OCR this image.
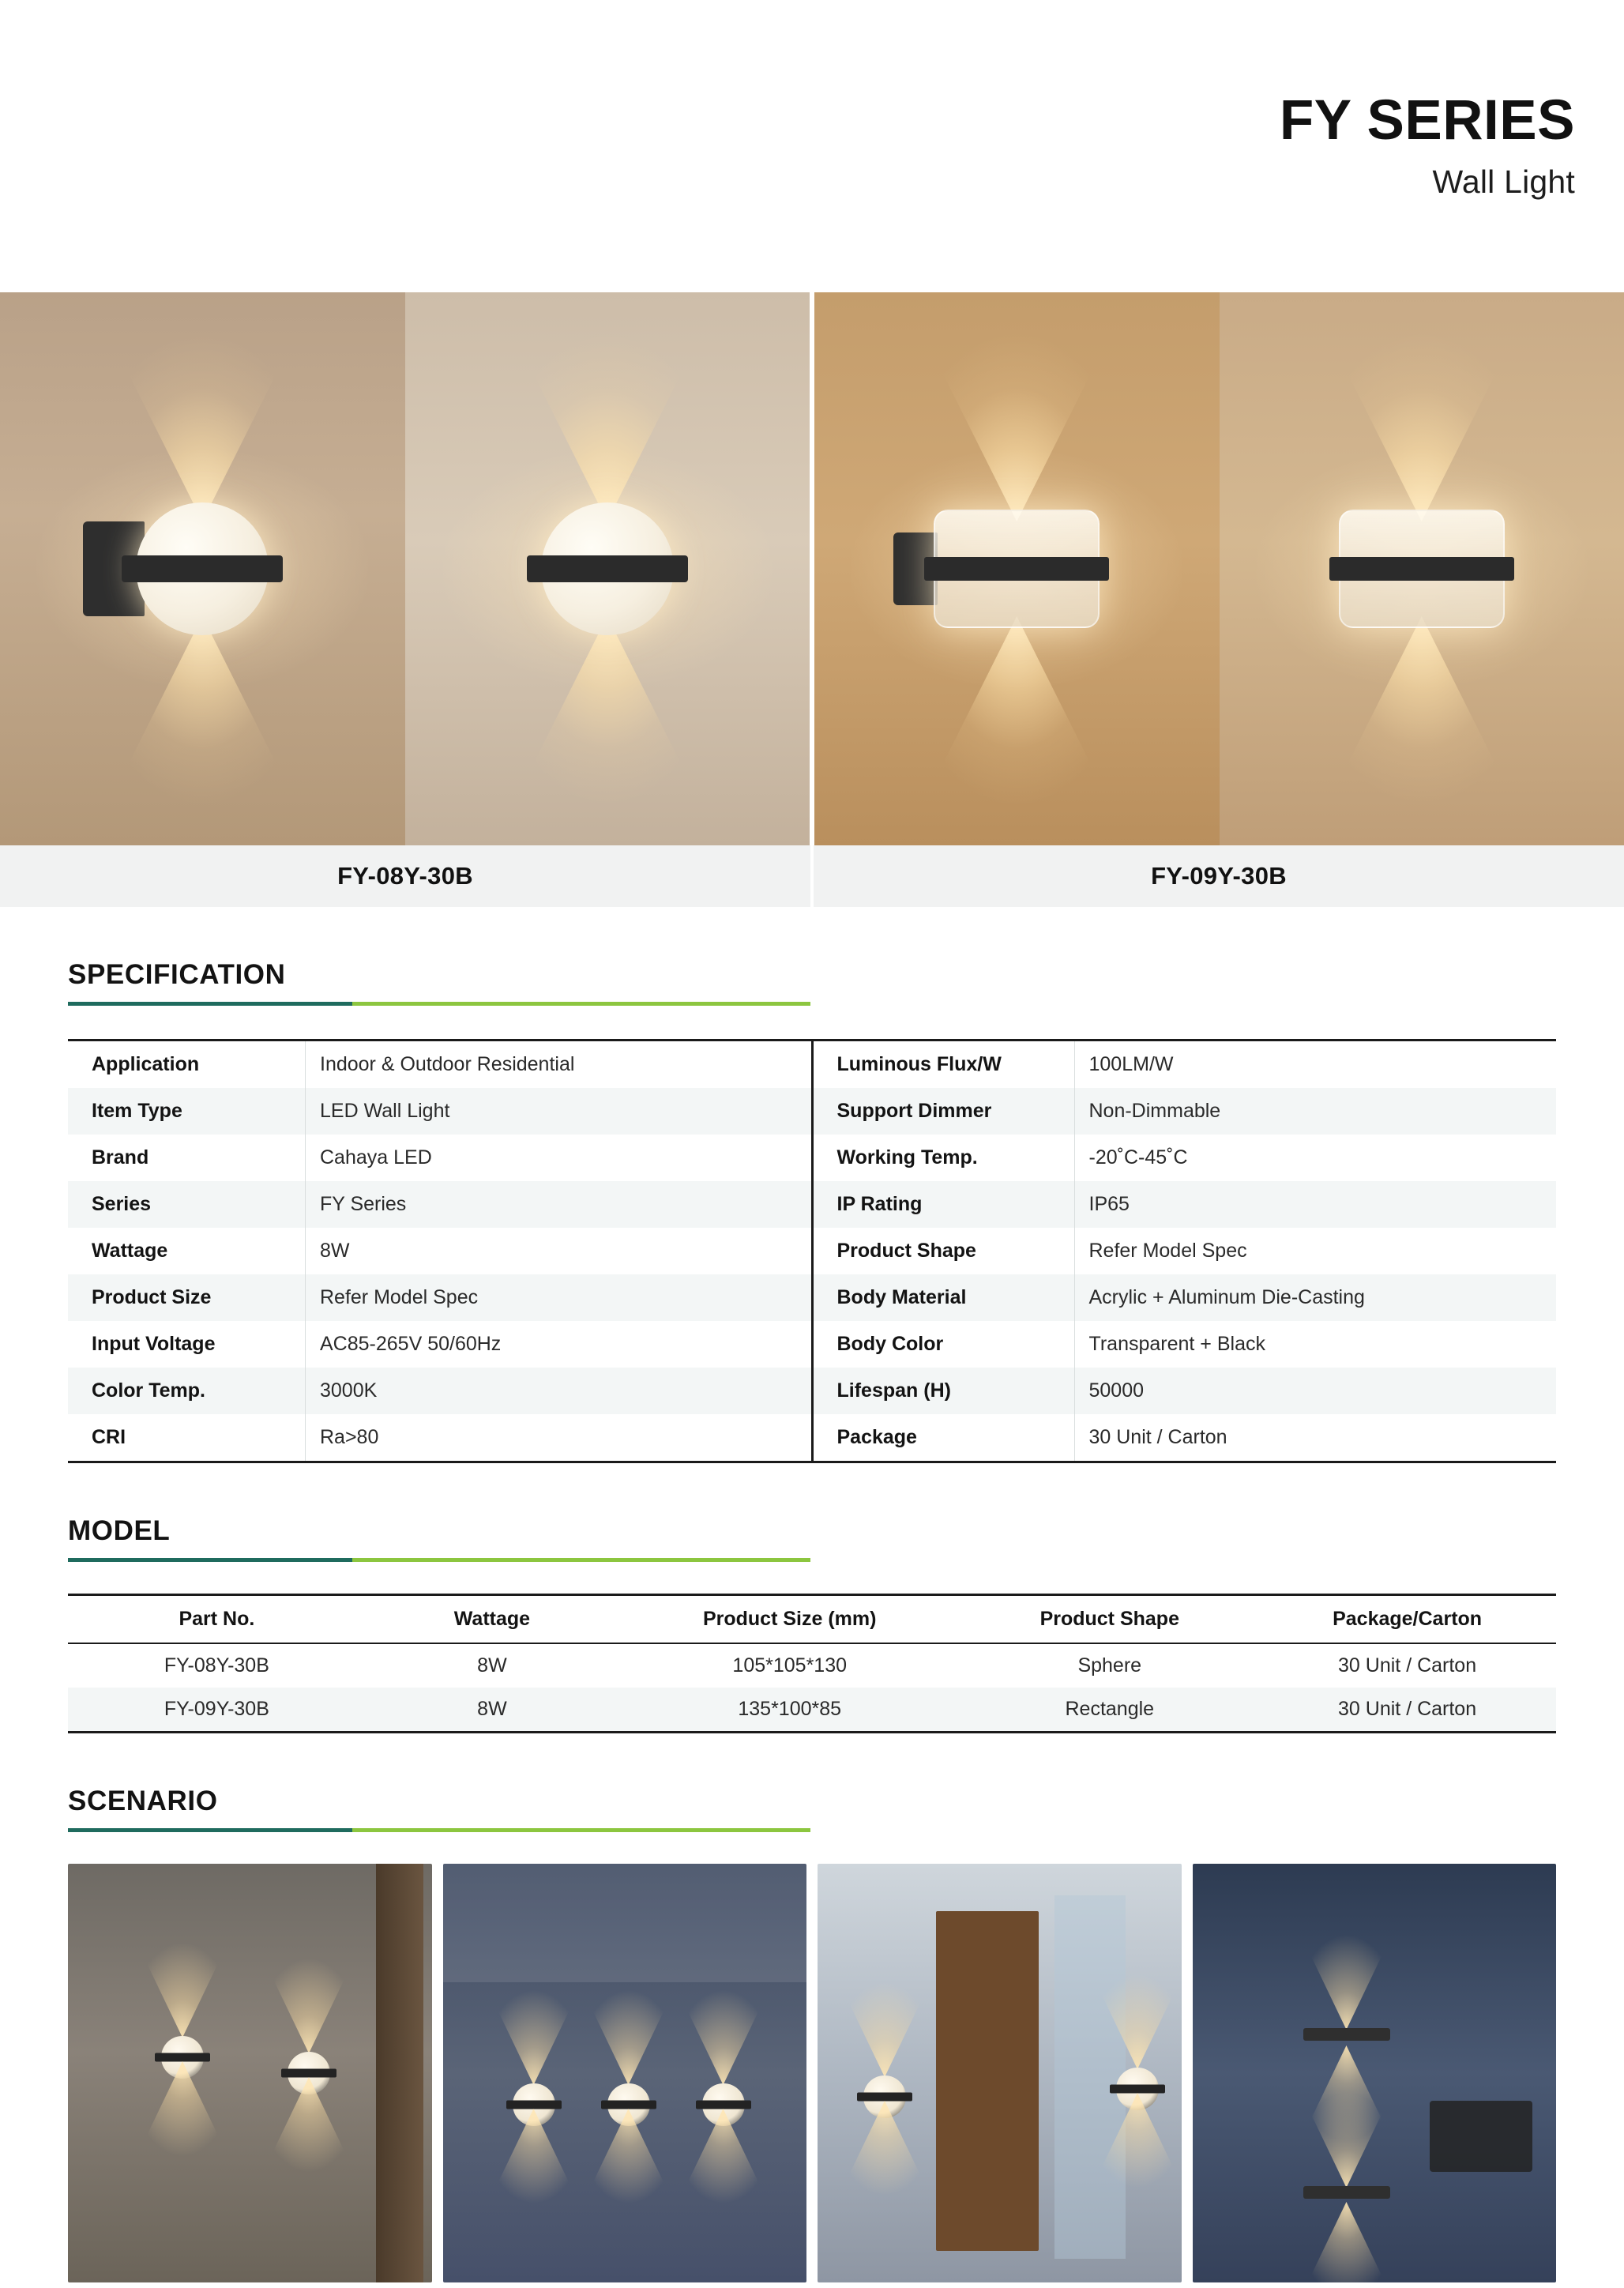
FY SERIES
Wall Light
FY-08Y-30B	FY-09Y-30B
SPECIFICATION
Application	Indoor & Outdoor Residential
Item Type	LED Wall Light
Brand	Cahaya LED
Series	FY Series
Wattage	8W
Product Size	Refer Model Spec
Input Voltage	AC85-265V 50/60Hz
Color Temp.	3000K
CRI	Ra>80
Luminous Flux/W	100LM/W
Support Dimmer	Non-Dimmable
Working Temp.	-20˚C-45˚C
IP Rating	IP65
Product Shape	Refer Model Spec
Body Material	Acrylic + Aluminum Die-Casting
Body Color	Transparent + Black
Lifespan (H)	50000
Package	30 Unit / Carton
MODEL
Part No.	Wattage	Product Size (mm)	Product Shape	Package/Carton
FY-08Y-30B	8W	105*105*130	Sphere	30 Unit / Carton
FY-09Y-30B	8W	135*100*85	Rectangle	30 Unit / Carton
SCENARIO
